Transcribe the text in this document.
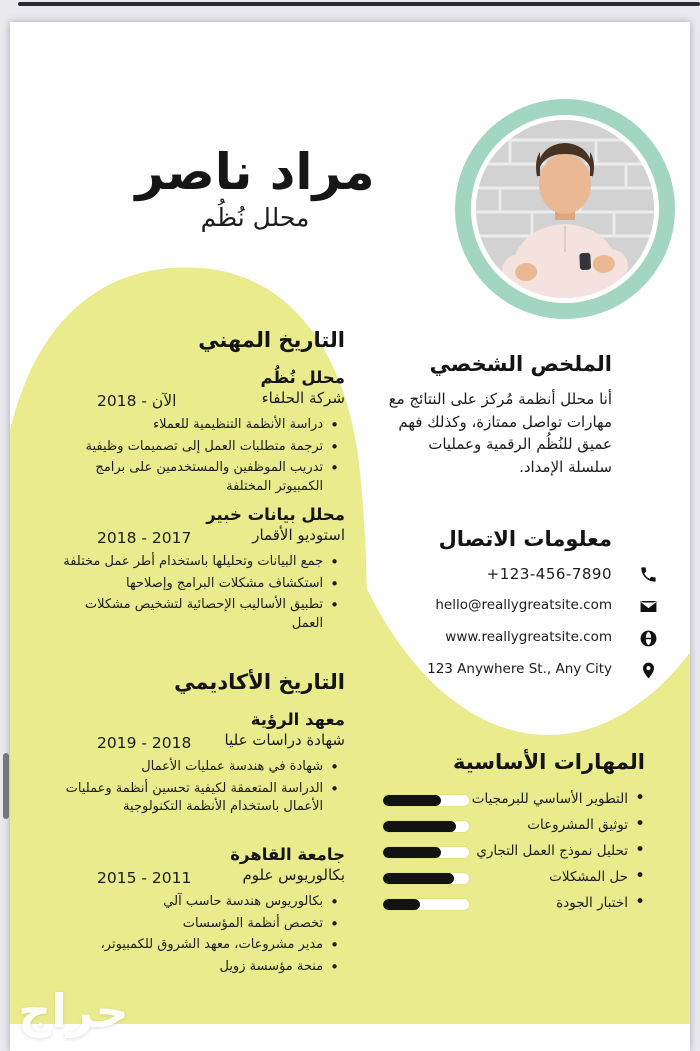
مراد ناصر
محلل نُظُم
الملخص الشخصي
أنا محلل أنظمة مُركز على النتائج مع مهارات تواصل ممتازة، وكذلك فهم عميق للنُظُم الرقمية وعمليات سلسلة الإمداد.
معلومات الاتصال
+123-456-7890
hello@reallygreatsite.com
www.reallygreatsite.com
123 Anywhere St., Any City
التاريخ المهني
محلل نُظُم
شركة الحلفاء
الآن - 2018
•
دراسة الأنظمة التنظيمية للعملاء
•
ترجمة متطلبات العمل إلى تصميمات وظيفية
•
تدريب الموظفين والمستخدمين على برامج الكمبيوتر المختلفة
محلل بيانات خبير
استوديو الأقمار
2017 - 2018
•
جمع البيانات وتحليلها باستخدام أطر عمل مختلفة
•
استكشاف مشكلات البرامج وإصلاحها
•
تطبيق الأساليب الإحصائية لتشخيص مشكلات العمل
التاريخ الأكاديمي
معهد الرؤية
شهادة دراسات عليا
2018 - 2019
•
شهادة في هندسة عمليات الأعمال
•
الدراسة المتعمقة لكيفية تحسين أنظمة وعمليات الأعمال باستخدام الأنظمة التكنولوجية
جامعة القاهرة
بكالوريوس علوم
2011 - 2015
•
بكالوريوس هندسة حاسب آلي
•
تخصص أنظمة المؤسسات
•
مدير مشروعات، معهد الشروق للكمبيوتر،
•
منحة مؤسسة زويل
المهارات الأساسية
•
التطوير الأساسي للبرمجيات
•
توثيق المشروعات
•
تحليل نموذج العمل التجاري
•
حل المشكلات
•
اختبار الجودة
حراج
